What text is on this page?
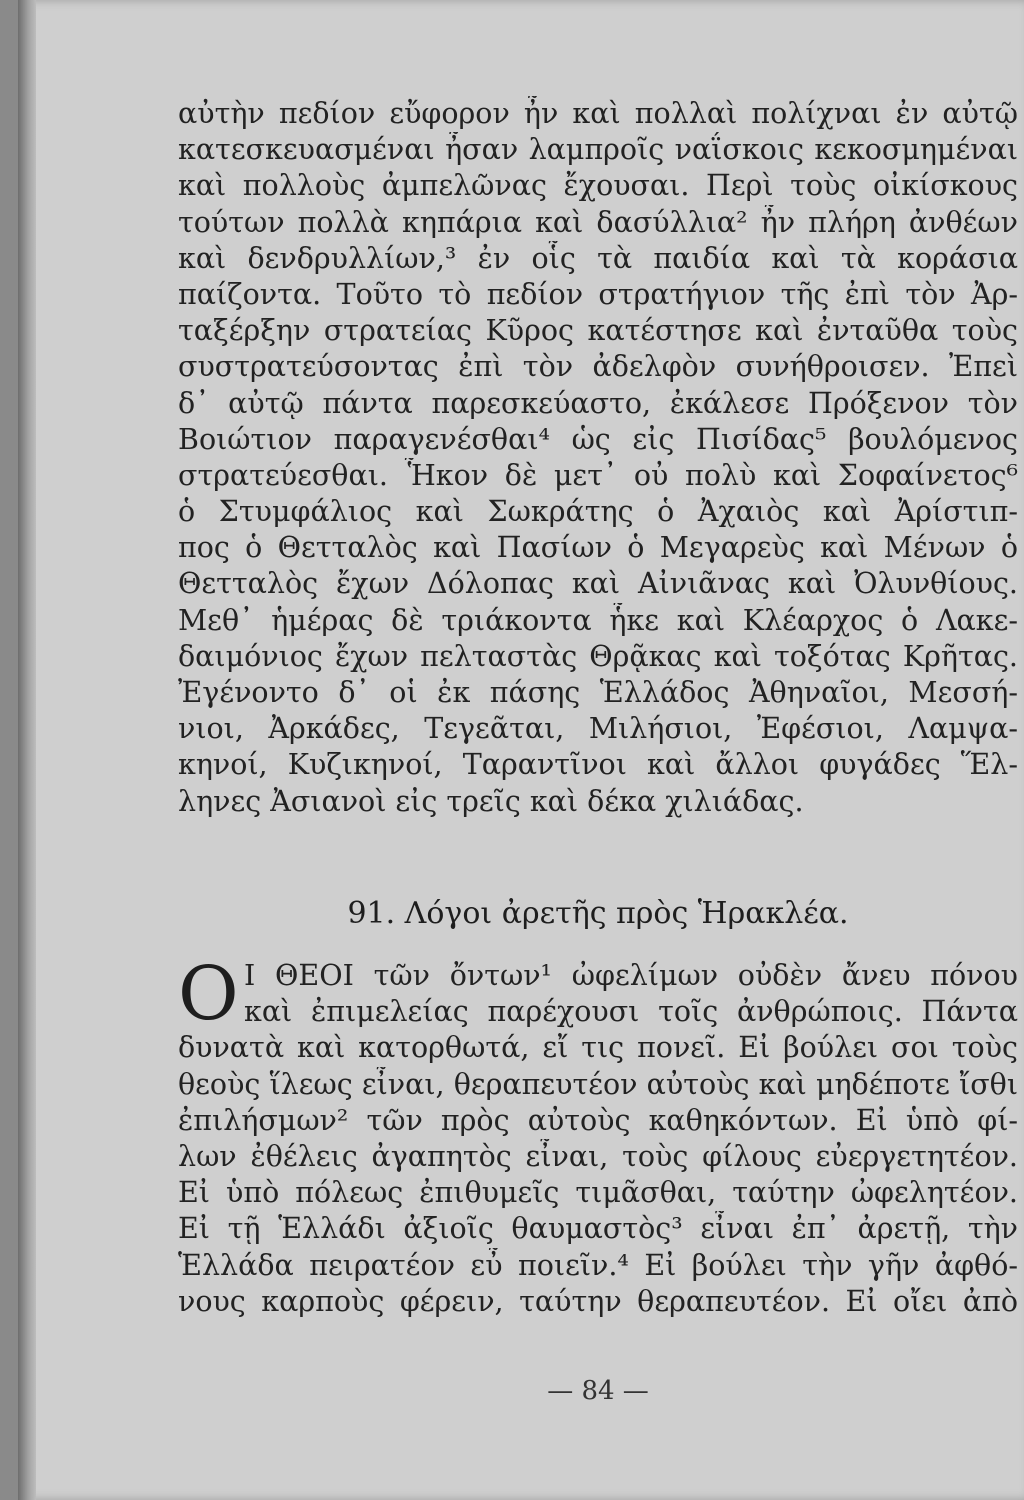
αὐτὴν πεδίον εὔφορον ἦν καὶ πολλαὶ πολίχναι ἐν αὐτῷ
κατεσκευασμέναι ἦσαν λαμπροῖς ναΐσκοις κεκοσμημέναι
καὶ πολλοὺς ἀμπελῶνας ἔχουσαι. Περὶ τοὺς οἰκίσκους
τούτων πολλὰ κηπάρια καὶ δασύλλια² ἦν πλήρη ἀνθέων
καὶ δενδρυλλίων,³ ἐν οἷς τὰ παιδία καὶ τὰ κοράσια
παίζοντα. Τοῦτο τὸ πεδίον στρατήγιον τῆς ἐπὶ τὸν Ἀρ-
ταξέρξην στρατείας Κῦρος κατέστησε καὶ ἐνταῦθα τοὺς
συστρατεύσοντας ἐπὶ τὸν ἀδελφὸν συνήθροισεν. Ἐπεὶ
δ᾽ αὐτῷ πάντα παρεσκεύαστο, ἐκάλεσε Πρόξενον τὸν
Βοιώτιον παραγενέσθαι⁴ ὡς εἰς Πισίδας⁵ βουλόμενος
στρατεύεσθαι. Ἧκον δὲ μετ᾽ οὐ πολὺ καὶ Σοφαίνετος⁶
ὁ Στυμφάλιος καὶ Σωκράτης ὁ Ἀχαιὸς καὶ Ἀρίστιπ-
πος ὁ Θετταλὸς καὶ Πασίων ὁ Μεγαρεὺς καὶ Μένων ὁ
Θετταλὸς ἔχων Δόλοπας καὶ Αἰνιᾶνας καὶ Ὀλυνθίους.
Μεθ᾽ ἡμέρας δὲ τριάκοντα ἧκε καὶ Κλέαρχος ὁ Λακε-
δαιμόνιος ἔχων πελταστὰς Θρᾷκας καὶ τοξότας Κρῆτας.
Ἐγένοντο δ᾽ οἱ ἐκ πάσης Ἑλλάδος Ἀθηναῖοι, Μεσσή-
νιοι, Ἀρκάδες, Τεγεᾶται, Μιλήσιοι, Ἐφέσιοι, Λαμψα-
κηνοί, Κυζικηνοί, Ταραντῖνοι καὶ ἄλλοι φυγάδες Ἕλ-
ληνες Ἀσιανοὶ εἰς τρεῖς καὶ δέκα χιλιάδας.
91. Λόγοι ἀρετῆς πρὸς Ἡρακλέα.
Ο Ι ΘΕΟΙ τῶν ὄντων¹ ὠφελίμων οὐδὲν ἄνευ πόνου
καὶ ἐπιμελείας παρέχουσι τοῖς ἀνθρώποις. Πάντα
δυνατὰ καὶ κατορθωτά, εἴ τις πονεῖ. Εἰ βούλει σοι τοὺς
θεοὺς ἵλεως εἶναι, θεραπευτέον αὐτοὺς καὶ μηδέποτε ἴσθι
ἐπιλήσμων² τῶν πρὸς αὐτοὺς καθηκόντων. Εἰ ὑπὸ φί-
λων ἐθέλεις ἀγαπητὸς εἶναι, τοὺς φίλους εὐεργετητέον.
Εἰ ὑπὸ πόλεως ἐπιθυμεῖς τιμᾶσθαι, ταύτην ὠφελητέον.
Εἰ τῇ Ἑλλάδι ἀξιοῖς θαυμαστὸς³ εἶναι ἐπ᾽ ἀρετῇ, τὴν
Ἑλλάδα πειρατέον εὖ ποιεῖν.⁴ Εἰ βούλει τὴν γῆν ἀφθό-
νους καρποὺς φέρειν, ταύτην θεραπευτέον. Εἰ οἴει ἀπὸ
— 84 —
